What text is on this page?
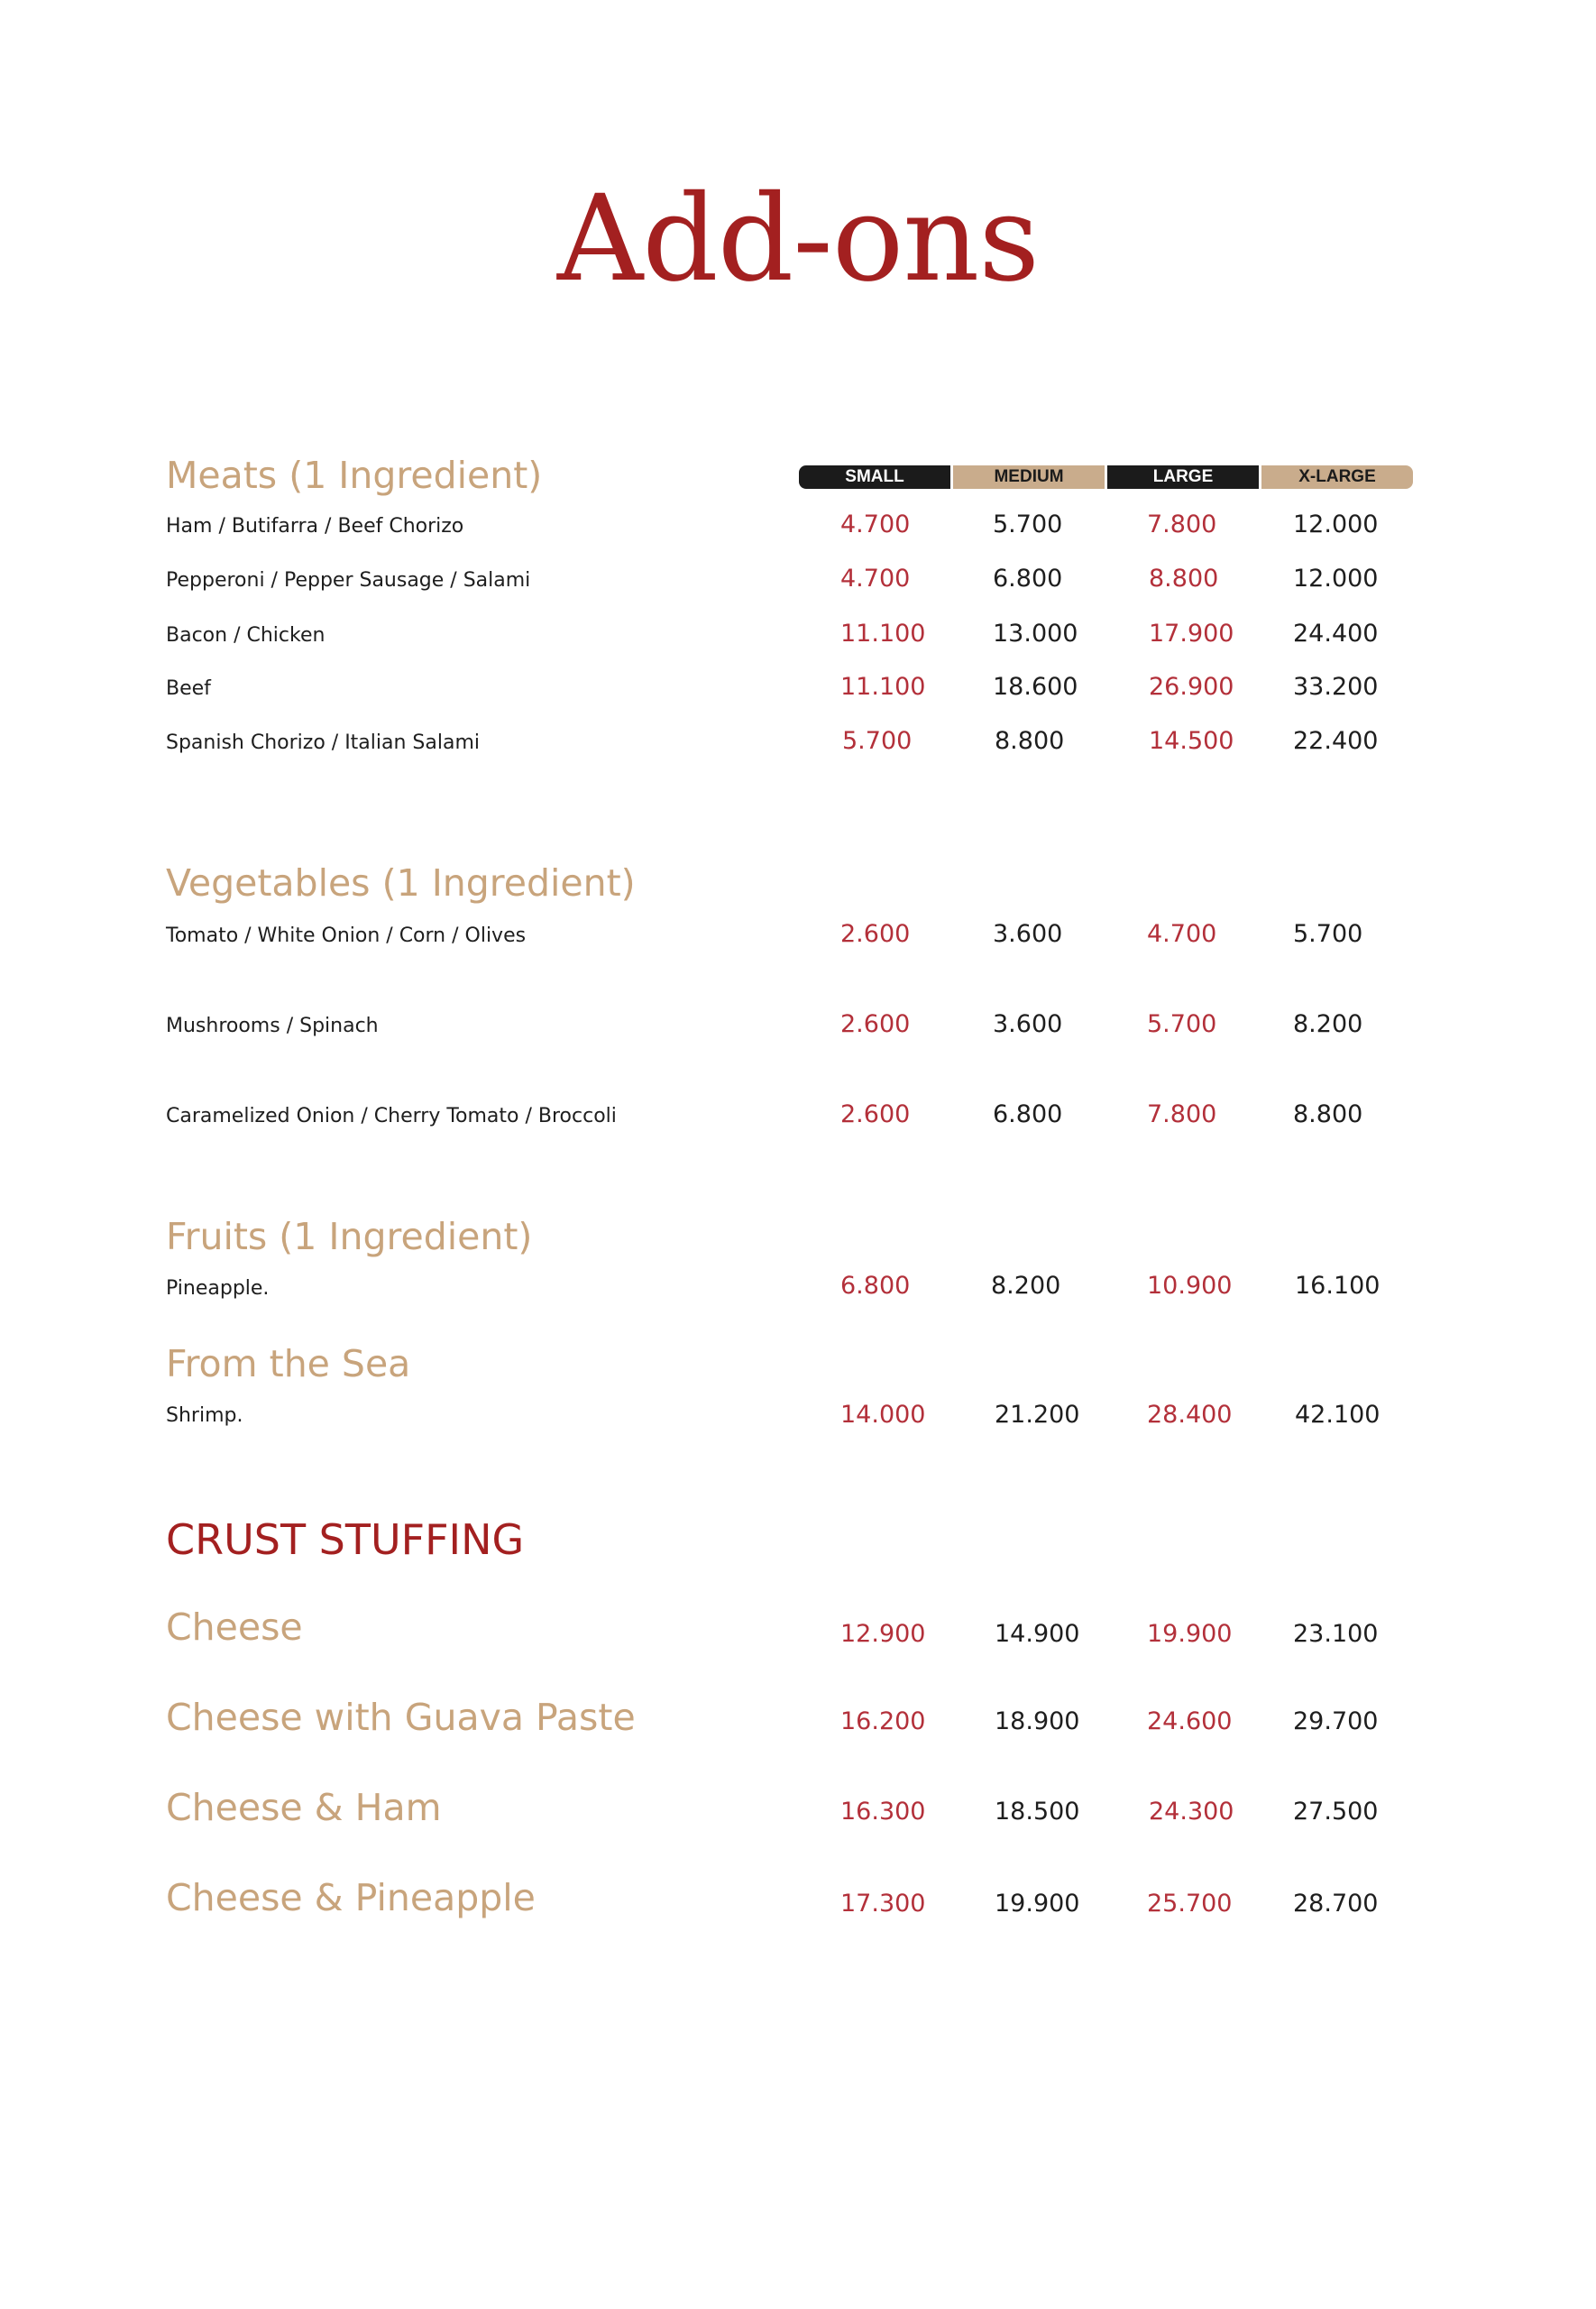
Add-ons
SMALL	MEDIUM	LARGE	X-LARGE
Meats (1 Ingredient)
Ham / Butifarra / Beef Chorizo	4.700	5.700	7.800	12.000
Pepperoni / Pepper Sausage / Salami	4.700	6.800	8.800	12.000
Bacon / Chicken	11.100	13.000	17.900 24.400
Beef	11.100	18.600	26.900 33.200
Spanish Chorizo / Italian Salami	5.700	8.800	14.500 22.400
Vegetables (1 Ingredient)
Tomato / White Onion / Corn / Olives	2.600	3.600	4.700	5.700
Mushrooms / Spinach	2.600	3.600	5.700	8.200
Caramelized Onion / Cherry Tomato / Broccoli	2.600	6.800	7.800	8.800
Fruits (1 Ingredient)
Pineapple.	6.800	8.200	10.900	16.100
From the Sea
Shrimp.	14.000	21.200	28.400	42.100
CRUST STUFFING
Cheese	12.900	14.900	19.900	23.100
Cheese with Guava Paste	16.200	18.900	24.600	29.700
Cheese & Ham	16.300	18.500	24.300 27.500
Cheese & Pineapple	17.300	19.900	25.700	28.700
